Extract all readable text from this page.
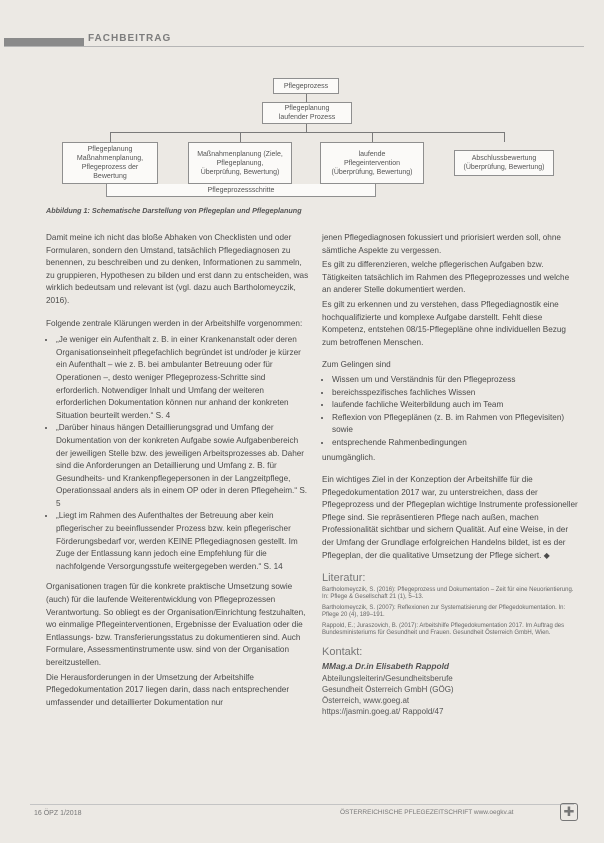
FACHBEITRAG
Pflegeprozess
Pflegeplanung
laufender Prozess
Pflegeplanung
Maßnahmenplanung,
Pflegeprozess der
Bewertung
Maßnahmenplanung (Ziele,
Pflegeplanung,
Überprüfung, Bewertung)
laufende
Pflegeintervention
(Überprüfung, Bewertung)
Abschlussbewertung
(Überprüfung, Bewertung)
Pflegeprozessschritte
Abbildung 1: Schematische Darstellung von Pflegeplan und Pflegeplanung

Damit meine ich nicht das bloße Abhaken von Checklisten und oder Formularen, sondern den Umstand, tatsächlich Pflegediagnosen zu benennen, zu beschreiben und zu denken, Informationen zu sammeln, zu gruppieren, Hypothesen zu bilden und erst dann zu entscheiden, was wirklich bedeutsam und relevant ist (vgl. dazu auch Bartholomeyczik, 2016).

Folgende zentrale Klärungen werden in der Arbeitshilfe vorgenommen:

• „Je weniger ein Aufenthalt z. B. in einer Krankenanstalt oder deren Organisationseinheit pflegefachlich begründet ist und/oder je kürzer ein Aufenthalt – wie z. B. bei ambulanter Betreuung oder für Operationen –, desto weniger Pflegeprozess-Schritte sind erforderlich. Notwendiger Inhalt und Umfang der weiteren erforderlichen Dokumentation können nur anhand der konkreten Situation beurteilt werden.“ S. 4
• „Darüber hinaus hängen Detaillierungsgrad und Umfang der Dokumentation von der konkreten Aufgabe sowie Aufgabenbereich der jeweiligen Stelle bzw. des jeweiligen Arbeitsprozesses ab. Daher sind die Anforderungen an Detaillierung und Umfang z. B. für Gesundheits- und Krankenpflegepersonen in der Langzeitpflege, Operationssaal anders als in einem OP oder in deren Pflegeheim.“ S. 5
• „Liegt im Rahmen des Aufenthaltes der Betreuung aber kein pflegerischer zu beeinflussender Prozess bzw. kein pflegerischer Förderungsbedarf vor, werden KEINE Pflegediagnosen gestellt. Im Zuge der Entlassung kann jedoch eine Empfehlung für die nachfolgende Versorgungsstufe weitergegeben werden.“ S. 14

Organisationen tragen für die konkrete praktische Umsetzung sowie (auch) für die laufende Weiterentwicklung von Pflegeprozessen Verantwortung. So obliegt es der Organisation/Einrichtung festzuhalten, wo einmalige Pflegeinterventionen, Ergebnisse der Evaluation oder die Entlassungs- bzw. Transferierungsstatus zu dokumentieren sind. Auch Formulare, Assessmentinstrumente usw. sind von der Organisation bereitzustellen.

Die Herausforderungen in der Umsetzung der Arbeitshilfe Pflegedokumentation 2017 liegen darin, dass nach entsprechender umfassender und detaillierter Dokumentation nur

jenen Pflegediagnosen fokussiert und priorisiert werden soll, ohne sämtliche Aspekte zu vergessen.

Es gilt zu differenzieren, welche pflegerischen Aufgaben bzw. Tätigkeiten tatsächlich im Rahmen des Pflegeprozesses und welche an anderer Stelle dokumentiert werden.

Es gilt zu erkennen und zu verstehen, dass Pflegediagnostik eine hochqualifizierte und komplexe Aufgabe darstellt. Fehlt diese Kompetenz, entstehen 08/15-Pflegepläne ohne individuellen Bezug zum betroffenen Menschen.

Zum Gelingen sind

• Wissen um und Verständnis für den Pflegeprozess
• bereichsspezifisches fachliches Wissen
• laufende fachliche Weiterbildung auch im Team
• Reflexion von Pflegeplänen (z. B. im Rahmen von Pflegevisiten) sowie
• entsprechende Rahmenbedingungen

unumgänglich.

Ein wichtiges Ziel in der Konzeption der Arbeitshilfe für die Pflegedokumentation 2017 war, zu unterstreichen, dass der Pflegeprozess und der Pflegeplan wichtige Instrumente professioneller Pflege sind. Sie repräsentieren Pflege nach außen, machen Professionalität sichtbar und sichern Qualität. Auf eine Weise, in der der Umfang der Grundlage erfolgreichen Handelns bildet, ist es der Pflegeplan, der die qualitative Umsetzung der Pflege sichert. ◆

Literatur:
Bartholomeyczik, S. (2016): Pflegeprozess und Dokumentation – Zeit für eine Neuorientierung. In: Pflege & Gesellschaft 21 (1), 5–13.
Bartholomeyczik, S. (2007): Reflexionen zur Systematisierung der Pflegedokumentation. In: Pflege 20 (4), 189–191.
Rappold, E.; Juraszovich, B. (2017): Arbeitshilfe Pflegedokumentation 2017. Im Auftrag des Bundesministeriums für Gesundheit und Frauen. Gesundheit Österreich GmbH, Wien.
Kontakt:
MMag.a Dr.in Elisabeth Rappold
Abteilungsleiterin/Gesundheitsberufe
Gesundheit Österreich GmbH (GÖG)
Österreich, www.goeg.at
https://jasmin.goeg.at/ Rappold/47
16 ÖPZ 1/2018	ÖSTERREICHISCHE PFLEGEZEITSCHRIFT www.oegkv.at	✚
